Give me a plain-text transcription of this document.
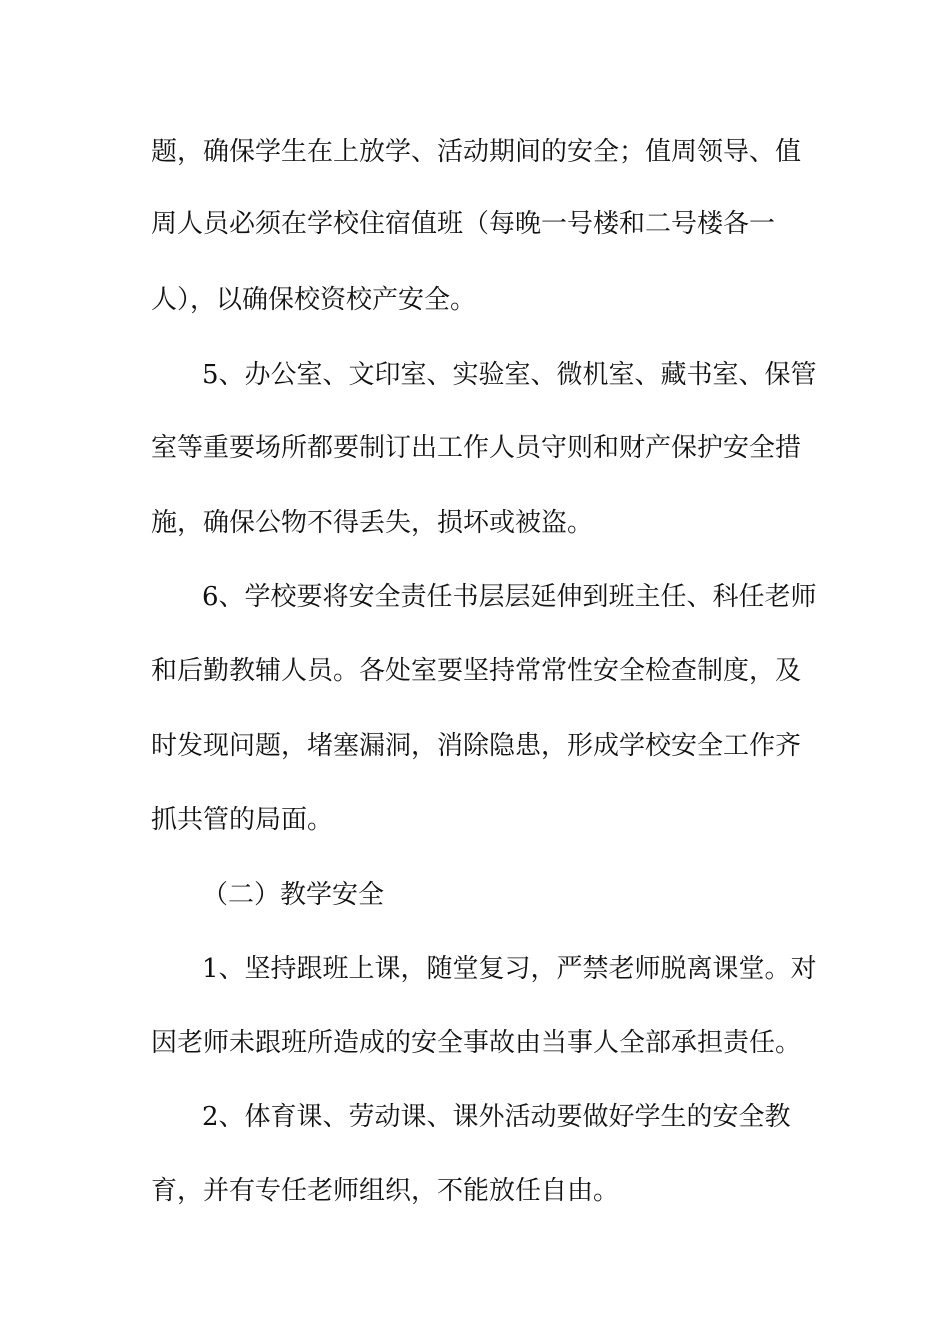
题，确保学生在上放学、活动期间的安全；值周领导、值
周人员必须在学校住宿值班（每晚一号楼和二号楼各一
人），以确保校资校产安全。
5、办公室、文印室、实验室、微机室、藏书室、保管
室等重要场所都要制订出工作人员守则和财产保护安全措
施，确保公物不得丢失，损坏或被盗。
6、学校要将安全责任书层层延伸到班主任、科任老师
和后勤教辅人员。各处室要坚持常常性安全检查制度，及
时发现问题，堵塞漏洞，消除隐患，形成学校安全工作齐
抓共管的局面。
（二）教学安全
1、坚持跟班上课，随堂复习，严禁老师脱离课堂。对
因老师未跟班所造成的安全事故由当事人全部承担责任。
2、体育课、劳动课、课外活动要做好学生的安全教
育，并有专任老师组织，不能放任自由。
